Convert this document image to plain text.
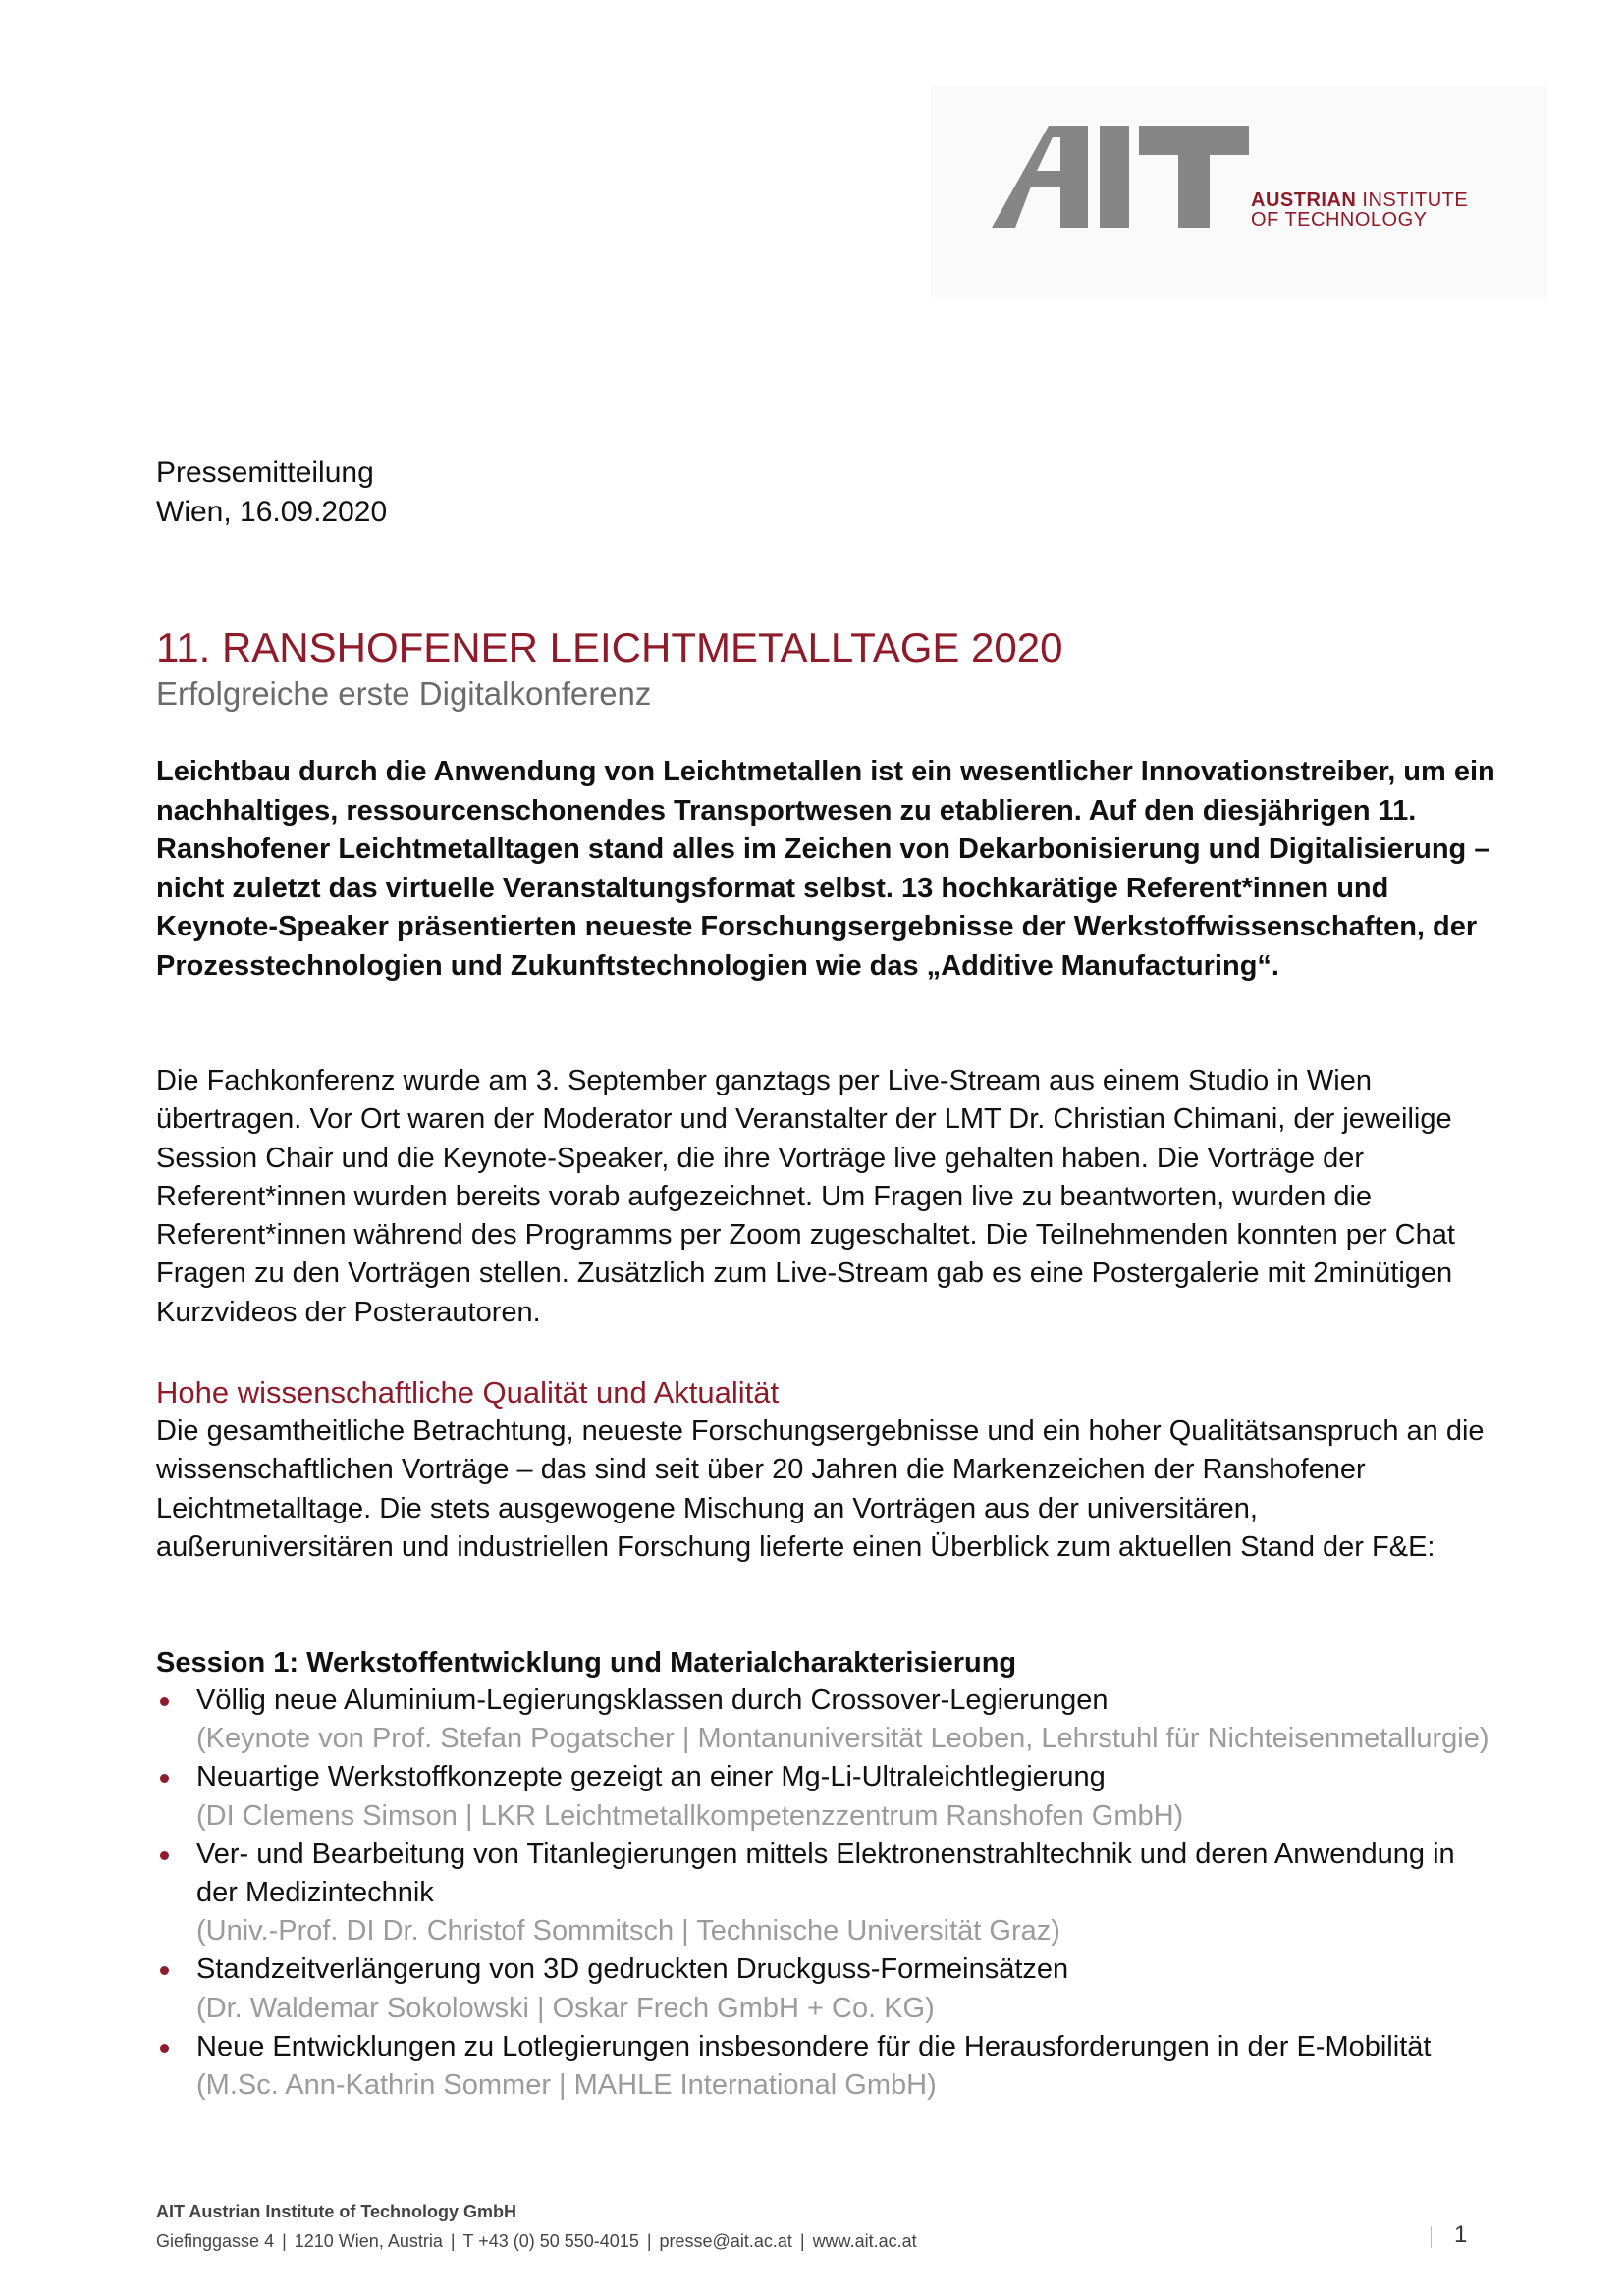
AUSTRIAN INSTITUTE
OF TECHNOLOGY
Pressemitteilung
Wien, 16.09.2020
11. RANSHOFENER LEICHTMETALLTAGE 2020
Erfolgreiche erste Digitalkonferenz
Leichtbau durch die Anwendung von Leichtmetallen ist ein wesentlicher Innovationstreiber, um ein nachhaltiges, ressourcenschonendes Transportwesen zu etablieren. Auf den diesjährigen 11. Ranshofener Leichtmetalltagen stand alles im Zeichen von Dekarbonisierung und Digitalisierung – nicht zuletzt das virtuelle Veranstaltungsformat selbst. 13 hochkarätige Referent*innen und Keynote-Speaker präsentierten neueste Forschungsergebnisse der Werkstoffwissenschaften, der Prozesstechnologien und Zukunftstechnologien wie das „Additive Manufacturing“.
Die Fachkonferenz wurde am 3. September ganztags per Live-Stream aus einem Studio in Wien übertragen. Vor Ort waren der Moderator und Veranstalter der LMT Dr. Christian Chimani, der jeweilige Session Chair und die Keynote-Speaker, die ihre Vorträge live gehalten haben. Die Vorträge der Referent*innen wurden bereits vorab aufgezeichnet. Um Fragen live zu beantworten, wurden die Referent*innen während des Programms per Zoom zugeschaltet. Die Teilnehmenden konnten per Chat Fragen zu den Vorträgen stellen. Zusätzlich zum Live-Stream gab es eine Postergalerie mit 2minütigen Kurzvideos der Posterautoren.
Hohe wissenschaftliche Qualität und Aktualität
Die gesamtheitliche Betrachtung, neueste Forschungsergebnisse und ein hoher Qualitätsanspruch an die wissenschaftlichen Vorträge – das sind seit über 20 Jahren die Markenzeichen der Ranshofener Leichtmetalltage. Die stets ausgewogene Mischung an Vorträgen aus der universitären, außeruniversitären und industriellen Forschung lieferte einen Überblick zum aktuellen Stand der F&E:
Session 1: Werkstoffentwicklung und Materialcharakterisierung
Völlig neue Aluminium-Legierungsklassen durch Crossover-Legierungen
(Keynote von Prof. Stefan Pogatscher | Montanuniversität Leoben, Lehrstuhl für Nichteisenmetallurgie)
Neuartige Werkstoffkonzepte gezeigt an einer Mg-Li-Ultraleichtlegierung
(DI Clemens Simson | LKR Leichtmetallkompetenzzentrum Ranshofen GmbH)
Ver- und Bearbeitung von Titanlegierungen mittels Elektronenstrahltechnik und deren Anwendung in der Medizintechnik
(Univ.-Prof. DI Dr. Christof Sommitsch | Technische Universität Graz)
Standzeitverlängerung von 3D gedruckten Druckguss-Formeinsätzen
(Dr. Waldemar Sokolowski | Oskar Frech GmbH + Co. KG)
Neue Entwicklungen zu Lotlegierungen insbesondere für die Herausforderungen in der E-Mobilität
(M.Sc. Ann-Kathrin Sommer | MAHLE International GmbH)
AIT Austrian Institute of Technology GmbH
Giefinggasse 4 | 1210 Wien, Austria | T +43 (0) 50 550-4015 | presse@ait.ac.at | www.ait.ac.at	1
